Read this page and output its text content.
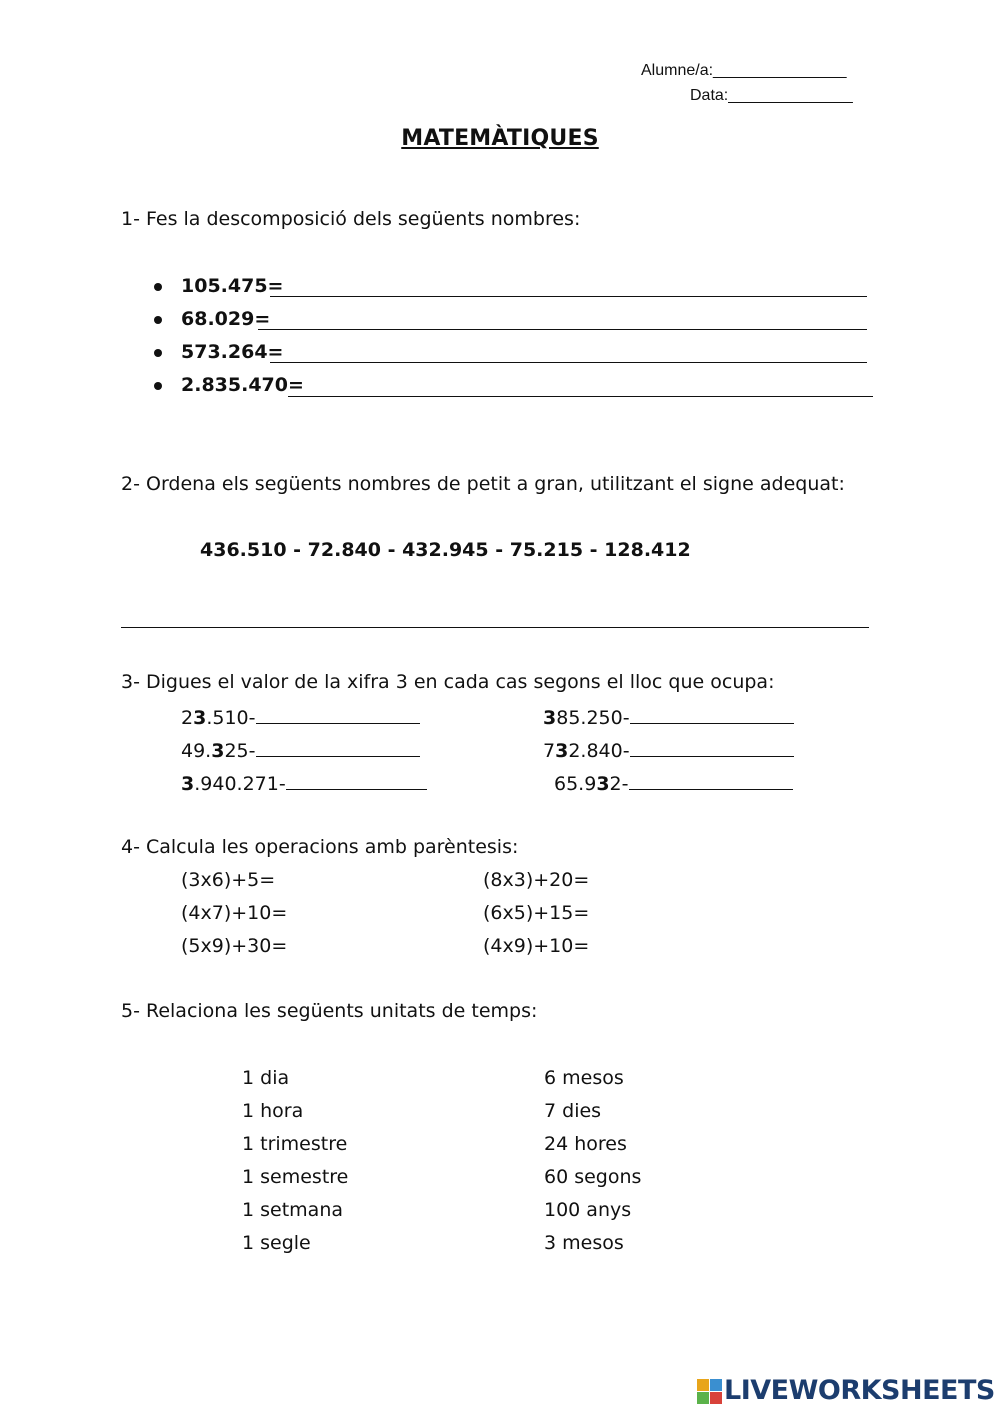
Alumne/a:_______________
Data:______________
MATEMÀTIQUES
1- Fes la descomposició dels següents nombres:
105.475=
68.029=
573.264=
2.835.470=
2- Ordena els següents nombres de petit a gran, utilitzant el signe adequat:
436.510 - 72.840 - 432.945 - 75.215 - 128.412
3- Digues el valor de la xifra 3 en cada cas segons el lloc que ocupa:
23.510-
49.325-
3.940.271-
385.250-
732.840-
65.932-
4- Calcula les operacions amb parèntesis:
(3x6)+5=
(4x7)+10=
(5x9)+30=
(8x3)+20=
(6x5)+15=
(4x9)+10=
5- Relaciona les següents unitats de temps:
1 dia
1 hora
1 trimestre
1 semestre
1 setmana
1 segle
6 mesos
7 dies
24 hores
60 segons
100 anys
3 mesos
LIVEWORKSHEETS
